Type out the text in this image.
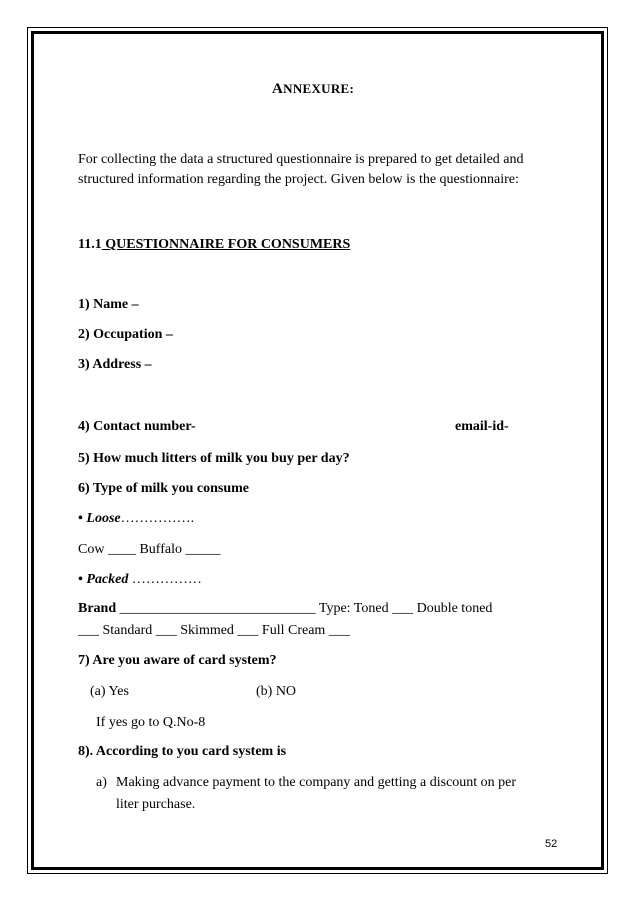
ANNEXURE:
For collecting the data a structured questionnaire is prepared to get detailed and structured information regarding the project. Given below is the questionnaire:
11.1 QUESTIONNAIRE FOR CONSUMERS
1) Name –
2) Occupation –
3) Address –
4) Contact number-	email-id-
5) How much litters of milk you buy per day?
6) Type of milk you consume
• Loose…………….
Cow ____ Buffalo _____
• Packed ……………
Brand ____________________________ Type: Toned ___ Double toned
___ Standard ___ Skimmed ___ Full Cream ___
7) Are you aware of card system?
(a) Yes	(b) NO
If yes go to Q.No-8
8). According to you card system is
a) Making advance payment to the company and getting a discount on per
liter purchase.
52
